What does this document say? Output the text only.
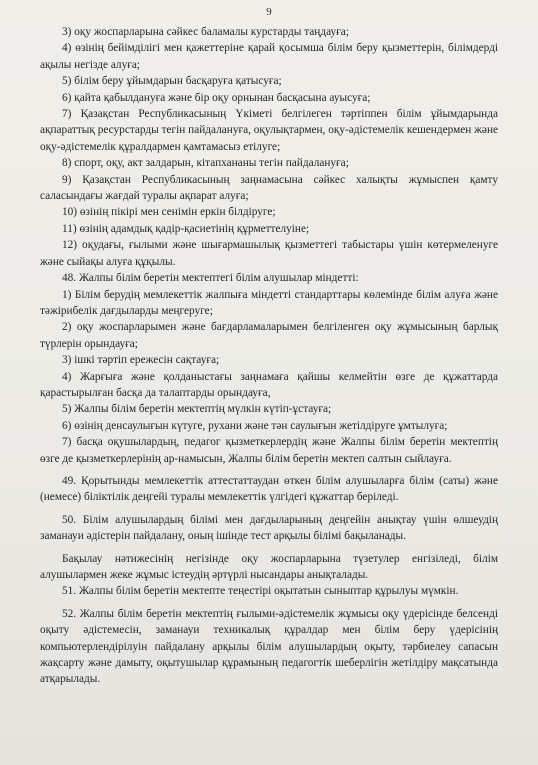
9

3) оқу жоспарларына сәйкес баламалы курстарды таңдауға;

4) өзінің бейімділігі мен қажеттеріне қарай қосымша білім беру қызметтерін, білімдерді ақылы негізде алуға;

5) білім беру ұйымдарын басқаруға қатысуға;

6) қайта қабылдануға және бір оқу орнынан басқасына ауысуға;

7) Қазақстан Республикасының Үкіметі белгілеген тәртіппен білім ұйымдарында ақпараттық ресурстарды тегін пайдалануға, оқулықтармен, оқу-әдістемелік кешендермен және оқу-әдістемелік құралдармен қамтамасыз етілуге;

8) спорт, оқу, акт залдарын, кітапхананы тегін пайдалануға;

9) Қазақстан Республикасының заңнамасына сәйкес халықты жұмыспен қамту саласындағы жағдай туралы ақпарат алуға;

10) өзінің пікірі мен сенімін еркін білдіруге;

11) өзінің адамдық қадір-қасиетінің құрметтелуіне;

12) оқудағы, ғылыми және шығармашылық қызметтегі табыстары үшін көтермеленуге және сыйақы алуға құқылы.

48. Жалпы білім беретін мектептегі білім алушылар міндетті:

1) Білім берудің мемлекеттік жалпыға міндетті стандарттары көлемінде білім алуға және тәжірибелік дағдыларды меңгеруге;

2) оқу жоспарларымен және бағдарламаларымен белгіленген оқу жұмысының барлық түрлерін орындауға;

3) ішкі тәртіп ережесін сақтауға;

4) Жарғыға және қолданыстағы заңнамаға қайшы келмейтін өзге де құжаттарда қарастырылған басқа да талаптарды орындауға,

5) Жалпы білім беретін мектептің мүлкін күтіп-ұстауға;

6) өзінің денсаулығын күтуге, рухани және тән саулығын жетілдіруге ұмтылуға;

7) басқа оқушылардың, педагог қызметкерлердің және Жалпы білім беретін мектептің өзге де қызметкерлерінің ар-намысын, Жалпы білім беретін мектеп салтын сыйлауға.

49. Қорытынды мемлекеттік аттестаттаудан өткен білім алушыларға білім (саты) және (немесе) біліктілік деңгейі туралы мемлекеттік үлгідегі құжаттар беріледі.

50. Білім алушылардың білімі мен дағдыларының деңгейін анықтау үшін өлшеудің заманауи әдістерін пайдалану, оның ішінде тест арқылы білімі бақыланады.

Бақылау нәтижесінің негізінде оқу жоспарларына түзетулер енгізіледі, білім алушылармен жеке жұмыс істеудің әртүрлі нысандары анықталады.

51. Жалпы білім беретін мектепте теңестірі оқытатын сыныптар құрылуы мүмкін.

52. Жалпы білім беретін мектептің ғылыми-әдістемелік жұмысы оқу үдерісінде белсенді оқыту әдістемесін, заманауи техникалық құралдар мен білім беру үдерісінің компьютерлендірілуін пайдалану арқылы білім алушылардың оқыту, тәрбиелеу сапасын жақсарту және дамыту, оқытушылар құрамының педагогтік шеберлігін жетілдіру мақсатында атқарылады.
